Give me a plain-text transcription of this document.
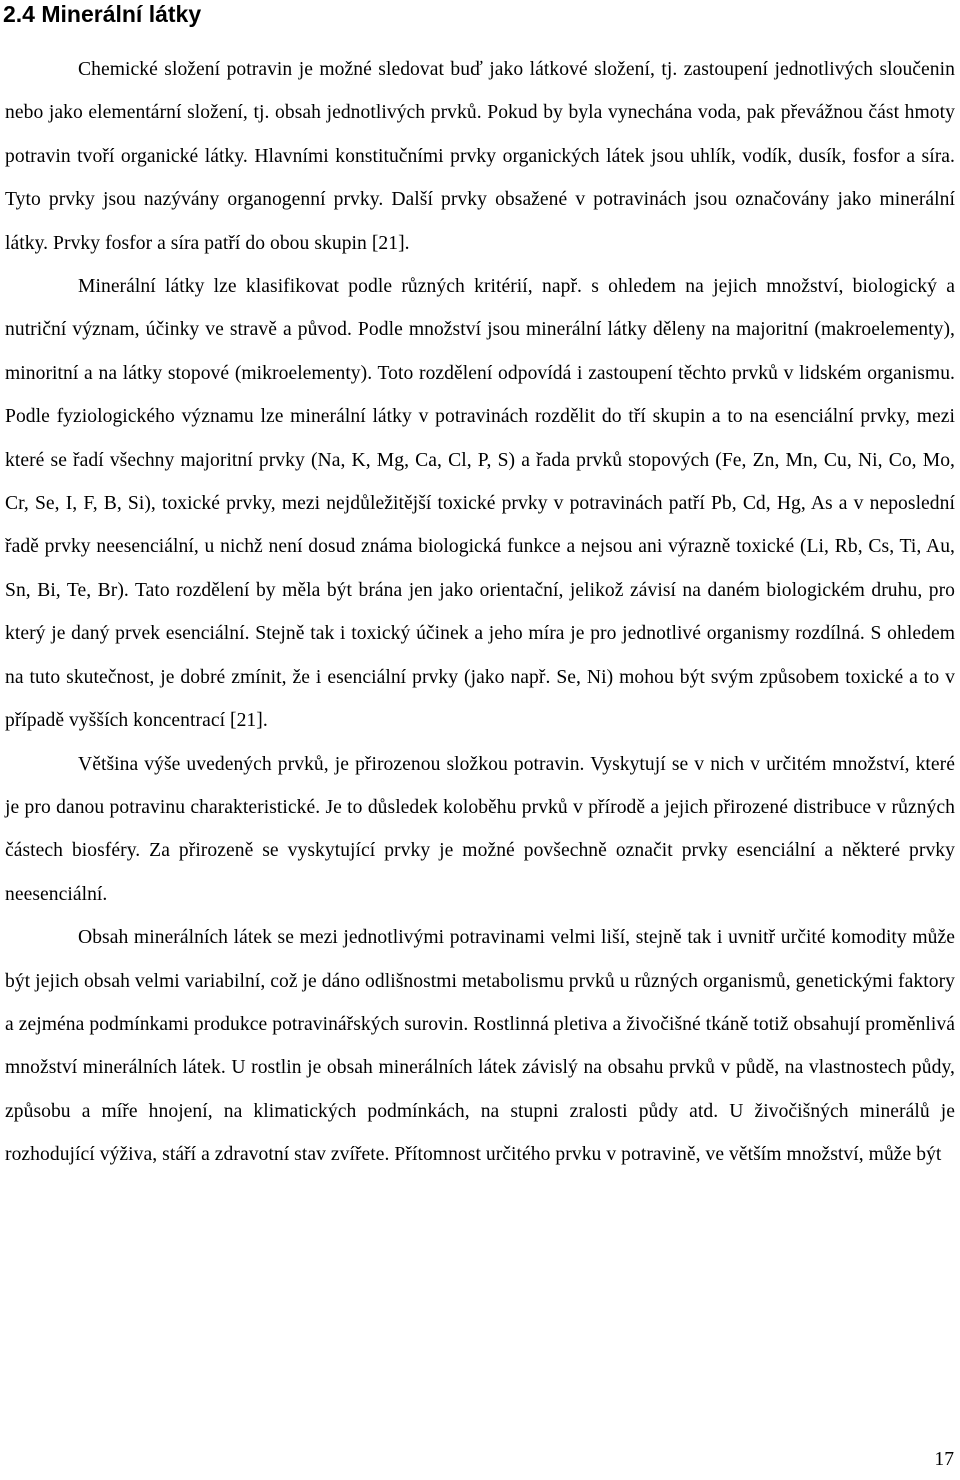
2.4 Minerální látky

Chemické složení potravin je možné sledovat buď jako látkové složení, tj. zastoupení jednotlivých sloučenin nebo jako elementární složení, tj. obsah jednotlivých prvků. Pokud by byla vynechána voda, pak převážnou část hmoty potravin tvoří organické látky. Hlavními konstitučními prvky organických látek jsou uhlík, vodík, dusík, fosfor a síra. Tyto prvky jsou nazývány organogenní prvky. Další prvky obsažené v potravinách jsou označovány jako minerální látky. Prvky fosfor a síra patří do obou skupin [21].

Minerální látky lze klasifikovat podle různých kritérií, např. s ohledem na jejich množství, biologický a nutriční význam, účinky ve stravě a původ. Podle množství jsou minerální látky děleny na majoritní (makroelementy), minoritní a na látky stopové (mikroelementy). Toto rozdělení odpovídá i zastoupení těchto prvků v lidském organismu. Podle fyziologického významu lze minerální látky v potravinách rozdělit do tří skupin a to na esenciální prvky, mezi které se řadí všechny majoritní prvky (Na, K, Mg, Ca, Cl, P, S) a řada prvků stopových (Fe, Zn, Mn, Cu, Ni, Co, Mo, Cr, Se, I, F, B, Si), toxické prvky, mezi nejdůležitější toxické prvky v potravinách patří Pb, Cd, Hg, As a v neposlední řadě prvky neesenciální, u nichž není dosud známa biologická funkce a nejsou ani výrazně toxické (Li, Rb, Cs, Ti, Au, Sn, Bi, Te, Br). Tato rozdělení by měla být brána jen jako orientační, jelikož závisí na daném biologickém druhu, pro který je daný prvek esenciální. Stejně tak i toxický účinek a jeho míra je pro jednotlivé organismy rozdílná. S ohledem na tuto skutečnost, je dobré zmínit, že i esenciální prvky (jako např. Se, Ni) mohou být svým způsobem toxické a to v případě vyšších koncentrací [21].

Většina výše uvedených prvků, je přirozenou složkou potravin. Vyskytují se v nich v určitém množství, které je pro danou potravinu charakteristické. Je to důsledek koloběhu prvků v přírodě a jejich přirozené distribuce v různých částech biosféry. Za přirozeně se vyskytující prvky je možné povšechně označit prvky esenciální a některé prvky neesenciální.

Obsah minerálních látek se mezi jednotlivými potravinami velmi liší, stejně tak i uvnitř určité komodity může být jejich obsah velmi variabilní, což je dáno odlišnostmi metabolismu prvků u různých organismů, genetickými faktory a zejména podmínkami produkce potravinářských surovin. Rostlinná pletiva a živočišné tkáně totiž obsahují proměnlivá množství minerálních látek. U rostlin je obsah minerálních látek závislý na obsahu prvků v půdě, na vlastnostech půdy, způsobu a míře hnojení, na klimatických podmínkách, na stupni zralosti půdy atd. U živočišných minerálů je rozhodující výživa, stáří a zdravotní stav zvířete. Přítomnost určitého prvku v potravině, ve větším množství, může být

17
